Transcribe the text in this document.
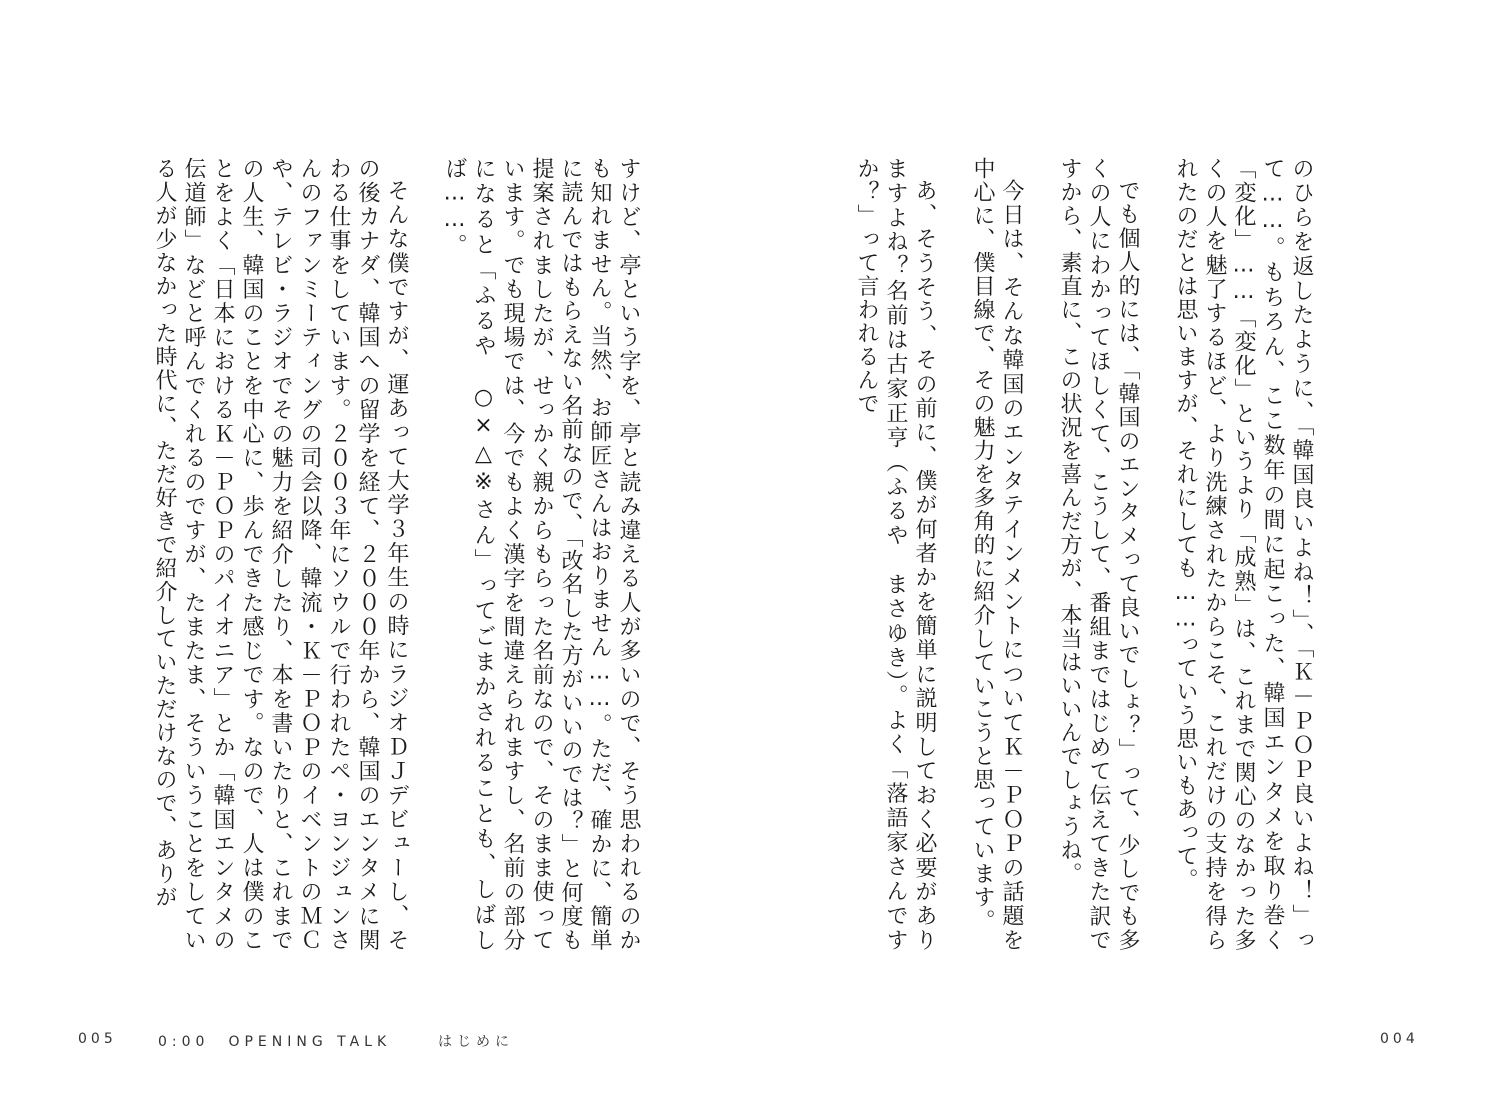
のひらを返したように、「韓国良いよね！」、「Ｋ－ＰＯＰ良いよね！」って……。もちろん、ここ数年の間に起こった、韓国エンタメを取り巻く「変化」……「変化」というより「成熟」は、これまで関心のなかった多くの人を魅了するほど、より洗練されたからこそ、これだけの支持を得られたのだとは思いますが、それにしても……っていう思いもあって。

でも個人的には、「韓国のエンタメって良いでしょ？」って、少しでも多くの人にわかってほしくて、こうして、番組まではじめて伝えてきた訳ですから、素直に、この状況を喜んだ方が、本当はいいんでしょうね。

今日は、そんな韓国のエンタテインメントについてＫ－ＰＯＰの話題を中心に、僕目線で、その魅力を多角的に紹介していこうと思っています。

あ、そうそう、その前に、僕が何者かを簡単に説明しておく必要がありますよね？名前は古家正亨（ふるや　まさゆき）。よく「落語家さんですか？」って言われるんで

すけど、亭という字を、亭と読み違える人が多いので、そう思われるのかも知れません。当然、お師匠さんはおりません……。ただ、確かに、簡単に読んではもらえない名前なので、「改名した方がいいのでは？」と何度も提案されましたが、せっかく親からもらった名前なので、そのまま使っています。でも現場では、今でもよく漢字を間違えられますし、名前の部分になると「ふるや　○×△※さん」ってごまかされることも、しばしば……。

そんな僕ですが、運あって大学３年生の時にラジオＤＪデビューし、その後カナダ、韓国への留学を経て、２０００年から、韓国のエンタメに関わる仕事をしています。２００３年にソウルで行われたペ・ヨンジュンさんのファンミーティングの司会以降、韓流・Ｋ－ＰＯＰのイベントのＭＣや、テレビ・ラジオでその魅力を紹介したり、本を書いたりと、これまでの人生、韓国のことを中心に、歩んできた感じです。なので、人は僕のことをよく「日本におけるＫ－ＰＯＰのパイオニア」とか「韓国エンタメの伝道師」などと呼んでくれるのですが、たまたま、そういうことをしている人が少なかった時代に、ただ好きで紹介していただけなので、ありが

005	0:00　OPENING TALK	はじめに	004
